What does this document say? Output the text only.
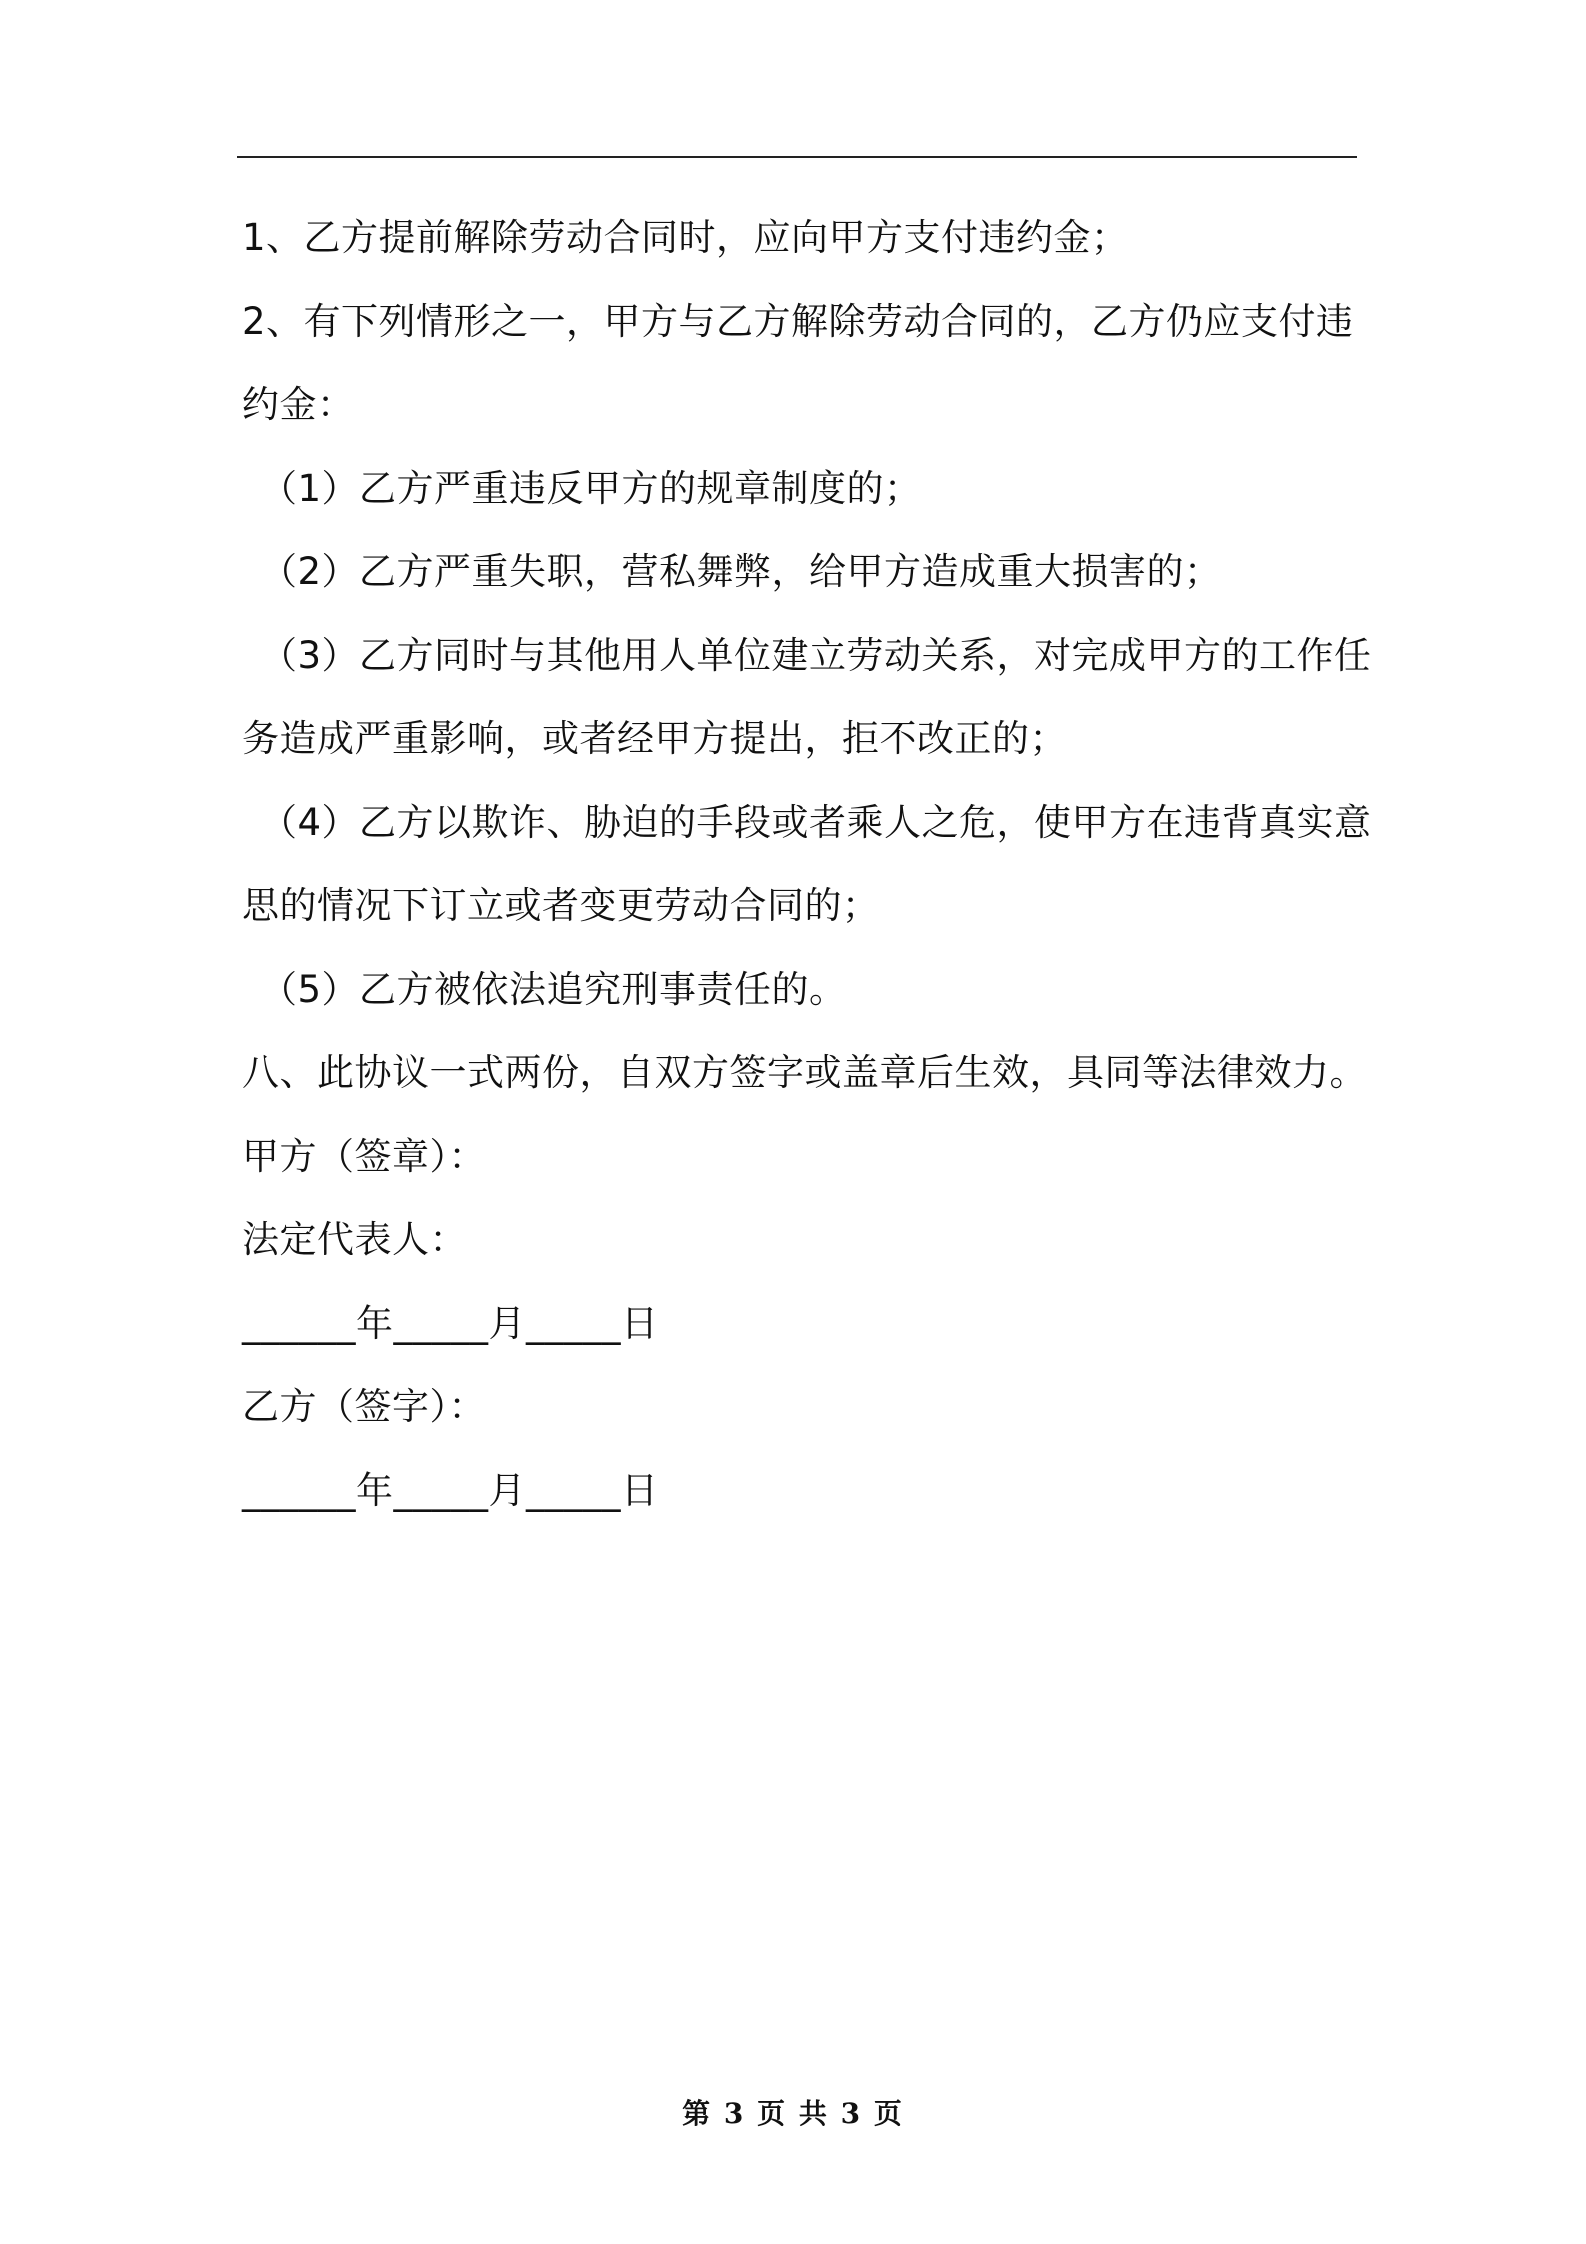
1、乙方提前解除劳动合同时，应向甲方支付违约金；
2、有下列情形之一，甲方与乙方解除劳动合同的，乙方仍应支付违
约金：
（1）乙方严重违反甲方的规章制度的；
（2）乙方严重失职，营私舞弊，给甲方造成重大损害的；
（3）乙方同时与其他用人单位建立劳动关系，对完成甲方的工作任
务造成严重影响，或者经甲方提出，拒不改正的；
（4）乙方以欺诈、胁迫的手段或者乘人之危，使甲方在违背真实意
思的情况下订立或者变更劳动合同的；
（5）乙方被依法追究刑事责任的。
八、此协议一式两份，自双方签字或盖章后生效，具同等法律效力。
甲方（签章）：
法定代表人：
______年_____月_____日
乙方（签字）：
______年_____月_____日
第 3 页 共 3 页
